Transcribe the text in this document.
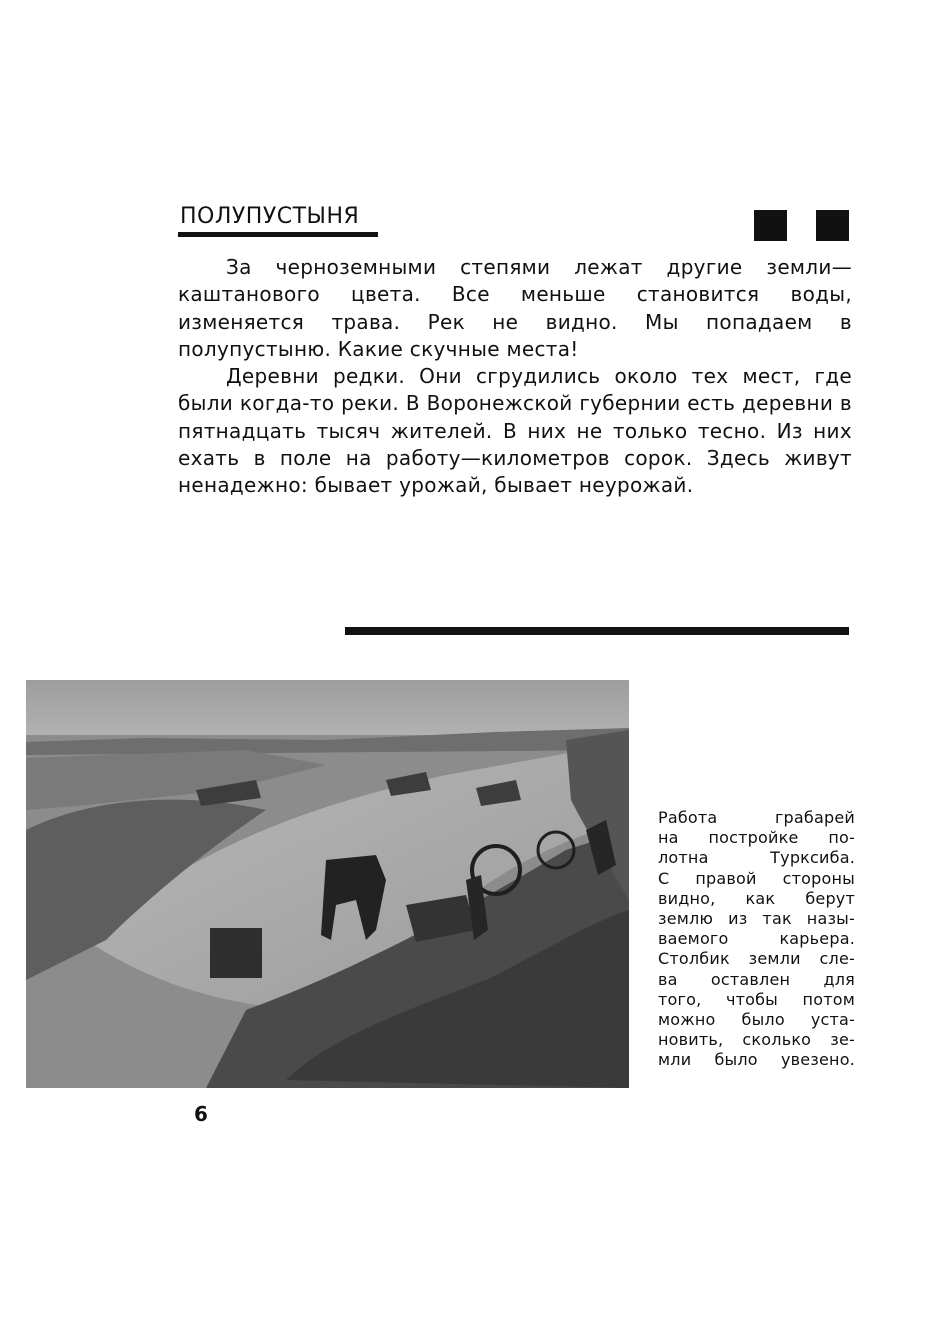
ПОЛУПУСТЫНЯ

За черноземными степями лежат другие земли— каштанового цвета. Все меньше становится воды, изменяется трава. Рек не видно. Мы попадаем в полупустыню. Какие скучные места!

Деревни редки. Они сгрудились около тех мест, где были когда-то реки. В Воронежской губернии есть деревни в пятнадцать тысяч жителей. В них не только тесно. Из них ехать в поле на работу—километров сорок. Здесь живут ненадежно: бывает урожай, бывает неурожай.

Работа грабарей
на постройке по-
лотна Турксиба.
С правой стороны
видно, как берут
землю из так назы-
ваемого карьера.
Столбик земли сле-
ва оставлен для
того, чтобы потом
можно было уста-
новить, сколько зе-
мли было увезено.
6
